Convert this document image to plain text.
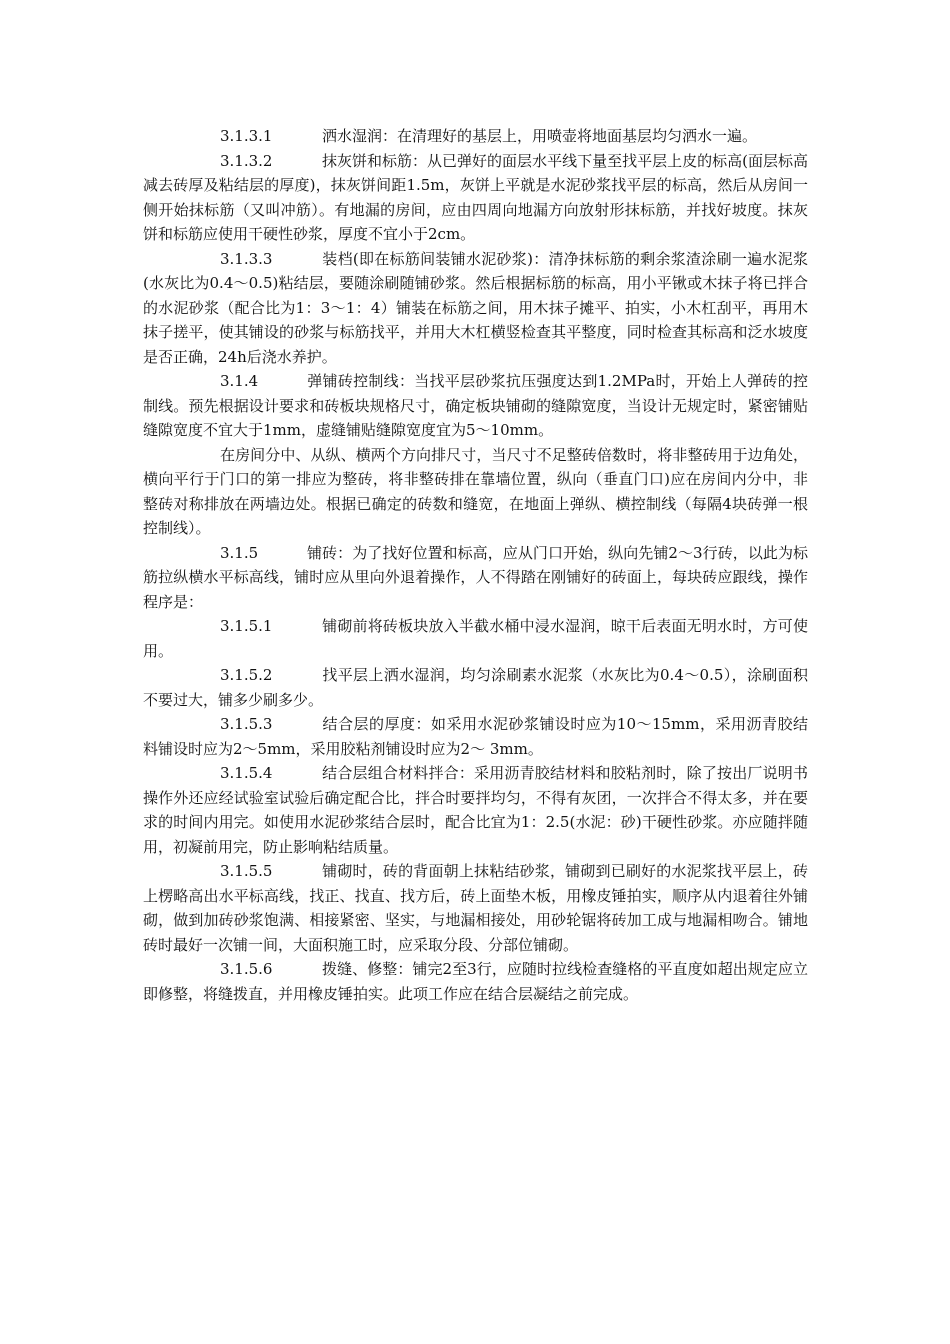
3.1.3.1	洒水湿润：在清理好的基层上，用喷壶将地面基层均匀洒水一遍。

3.1.3.2	抹灰饼和标筋：从已弹好的面层水平线下量至找平层上皮的标高(面层标高减去砖厚及粘结层的厚度)，抹灰饼间距1.5m，灰饼上平就是水泥砂浆找平层的标高，然后从房间一侧开始抹标筋（又叫冲筋）。有地漏的房间，应由四周向地漏方向放射形抹标筋，并找好坡度。抹灰饼和标筋应使用干硬性砂浆，厚度不宜小于2cm。

3.1.3.3	装档(即在标筋间装铺水泥砂浆)：清净抹标筋的剩余浆渣涂刷一遍水泥浆(水灰比为0.4～0.5)粘结层，要随涂刷随铺砂浆。然后根据标筋的标高，用小平锹或木抹子将已拌合的水泥砂浆（配合比为1：3～1：4）铺装在标筋之间，用木抹子摊平、拍实，小木杠刮平，再用木抹子搓平，使其铺设的砂浆与标筋找平，并用大木杠横竖检查其平整度，同时检查其标高和泛水坡度是否正确，24h后浇水养护。

3.1.4	弹铺砖控制线：当找平层砂浆抗压强度达到1.2MPa时，开始上人弹砖的控制线。预先根据设计要求和砖板块规格尺寸，确定板块铺砌的缝隙宽度，当设计无规定时，紧密铺贴缝隙宽度不宜大于1mm，虚缝铺贴缝隙宽度宜为5～10mm。

在房间分中、从纵、横两个方向排尺寸，当尺寸不足整砖倍数时，将非整砖用于边角处，横向平行于门口的第一排应为整砖，将非整砖排在靠墙位置，纵向（垂直门口)应在房间内分中，非整砖对称排放在两墙边处。根据已确定的砖数和缝宽，在地面上弹纵、横控制线（每隔4块砖弹一根控制线）。

3.1.5	铺砖：为了找好位置和标高，应从门口开始，纵向先铺2～3行砖，以此为标筋拉纵横水平标高线，铺时应从里向外退着操作，人不得踏在刚铺好的砖面上，每块砖应跟线，操作程序是：

3.1.5.1	铺砌前将砖板块放入半截水桶中浸水湿润，晾干后表面无明水时，方可使用。

3.1.5.2	找平层上洒水湿润，均匀涂刷素水泥浆（水灰比为0.4～0.5），涂刷面积不要过大，铺多少刷多少。

3.1.5.3	结合层的厚度：如采用水泥砂浆铺设时应为10～15mm，采用沥青胶结料铺设时应为2～5mm，采用胶粘剂铺设时应为2～ 3mm。

3.1.5.4	结合层组合材料拌合：采用沥青胶结材料和胶粘剂时，除了按出厂说明书操作外还应经试验室试验后确定配合比，拌合时要拌均匀，不得有灰团，一次拌合不得太多，并在要求的时间内用完。如使用水泥砂浆结合层时，配合比宜为1：2.5(水泥：砂)干硬性砂浆。亦应随拌随用，初凝前用完，防止影响粘结质量。

3.1.5.5	铺砌时，砖的背面朝上抹粘结砂浆，铺砌到已刷好的水泥浆找平层上，砖上楞略高出水平标高线，找正、找直、找方后，砖上面垫木板，用橡皮锤拍实，顺序从内退着往外铺砌，做到加砖砂浆饱满、相接紧密、坚实，与地漏相接处，用砂轮锯将砖加工成与地漏相吻合。铺地砖时最好一次铺一间，大面积施工时，应采取分段、分部位铺砌。

3.1.5.6	拨缝、修整：铺完2至3行，应随时拉线检查缝格的平直度如超出规定应立即修整，将缝拨直，并用橡皮锤拍实。此项工作应在结合层凝结之前完成。
